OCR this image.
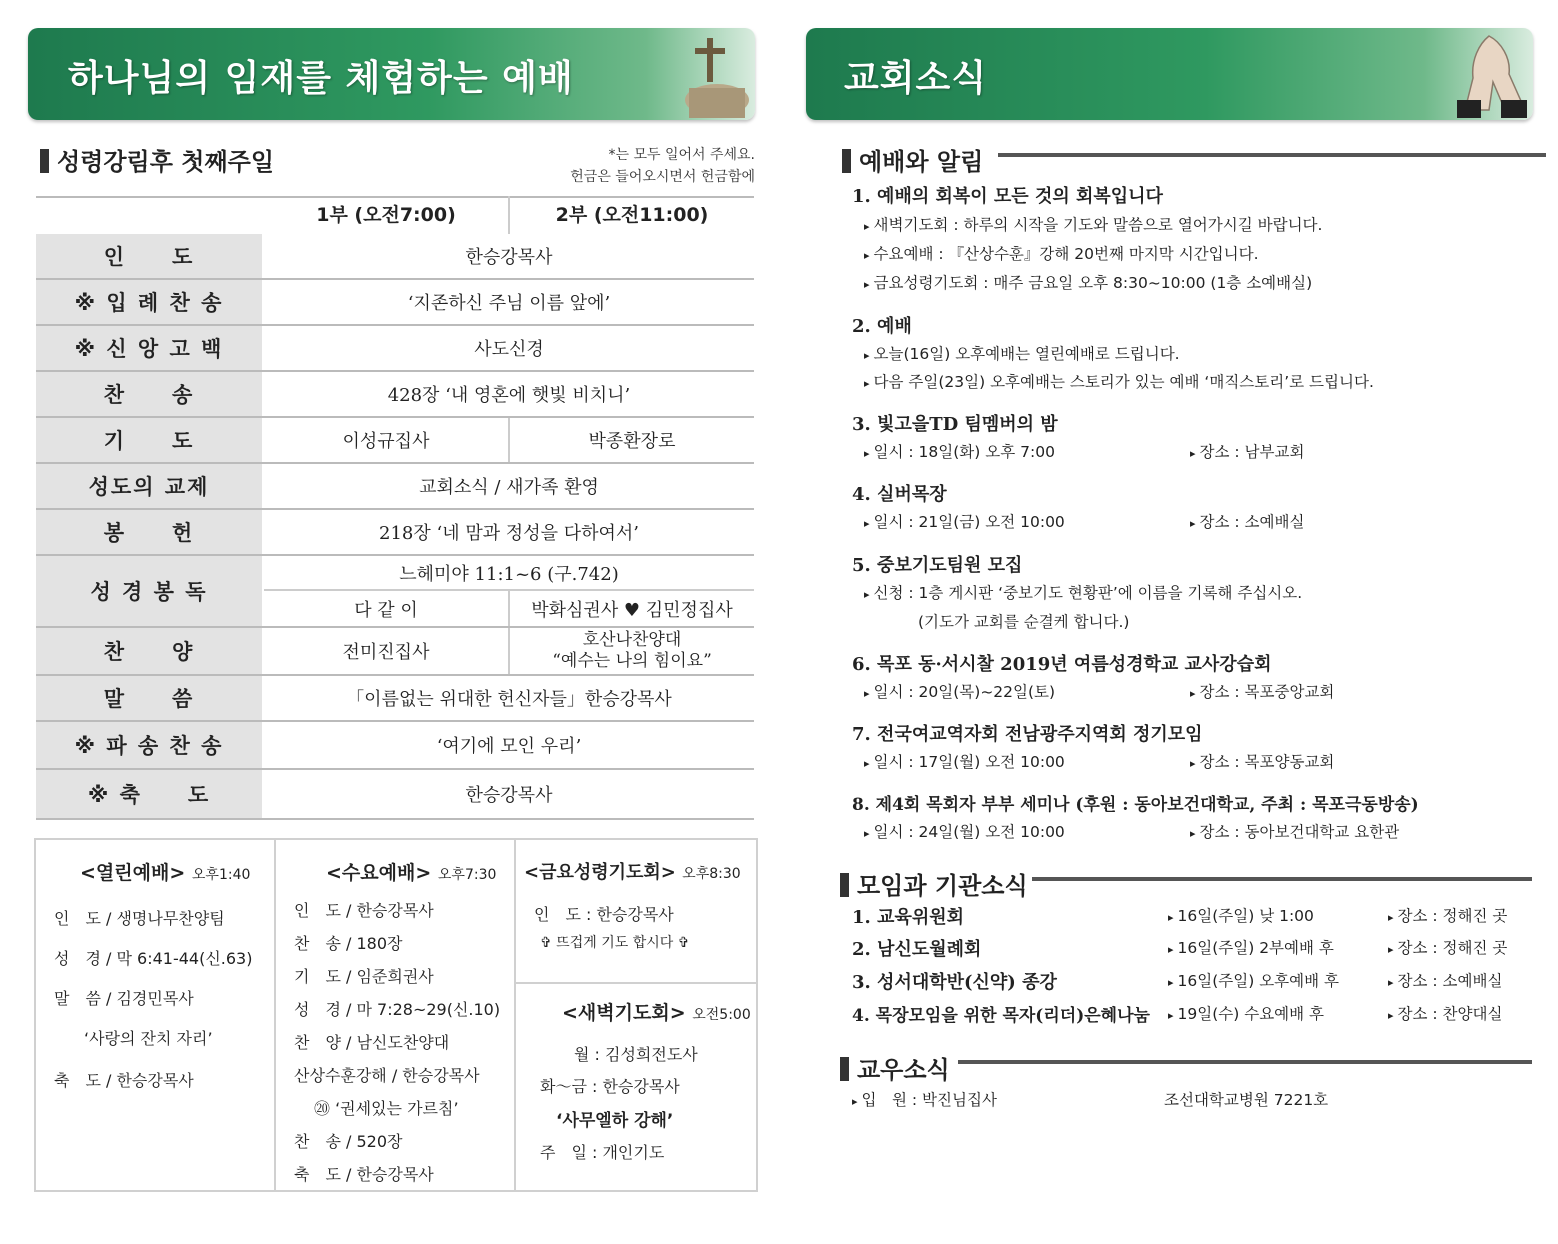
하나님의 임재를 체험하는 예배	교회소식
성령강림후 첫째주일	*는 모두 일어서 주세요.
헌금은 들어오시면서 헌금함에
1부 (오전7:00)	2부 (오전11:00)
인　　도	한승강목사
※ 입 례 찬 송	‘지존하신 주님 이름 앞에’
※ 신 앙 고 백	사도신경
찬　　송	428장 ‘내 영혼에 햇빛 비치니’
기　　도	이성규집사	박종환장로
성도의 교제	교회소식 / 새가족 환영
봉　　헌	218장 ‘네 맘과 정성을 다하여서’
성 경 봉 독
느헤미야 11:1~6 (구.742)
다 같 이	박화심권사 ♥ 김민정집사
찬　　양	전미진집사
호산나찬양대
“예수는 나의 힘이요”
말　　씀	「이름없는 위대한 헌신자들」한승강목사
※ 파 송 찬 송	‘여기에 모인 우리’
※ 축　　도	한승강목사
<열린예배> 오후1:40
인　도 / 생명나무찬양팀
성　경 / 막 6:41-44(신.63)
말　씀 / 김경민목사
‘사랑의 잔치 자리’
축　도 / 한승강목사
<수요예배> 오후7:30
인　도 / 한승강목사
찬　송 / 180장
기　도 / 임준희권사
성　경 / 마 7:28~29(신.10)
찬　양 / 남신도찬양대
산상수훈강해 / 한승강목사
⑳ ‘권세있는 가르침’
찬　송 / 520장
축　도 / 한승강목사
<금요성령기도회> 오후8:30
인　도 : 한승강목사
✞ 뜨겁게 기도 합시다 ✞
<새벽기도회> 오전5:00
월 : 김성희전도사
화～금 : 한승강목사
‘사무엘하 강해’
주　일 : 개인기도
예배와 알림
1. 예배의 회복이 모든 것의 회복입니다
▸ 새벽기도회 : 하루의 시작을 기도와 말씀으로 열어가시길 바랍니다.
▸ 수요예배 : 『산상수훈』강해 20번째 마지막 시간입니다.
▸ 금요성령기도회 : 매주 금요일 오후 8:30~10:00 (1층 소예배실)
2. 예배
▸ 오늘(16일) 오후예배는 열린예배로 드립니다.
▸ 다음 주일(23일) 오후예배는 스토리가 있는 예배 ‘매직스토리’로 드립니다.
3. 빛고을TD 팀멤버의 밤
▸ 일시 : 18일(화) 오후 7:00	▸ 장소 : 남부교회
4. 실버목장
▸ 일시 : 21일(금) 오전 10:00	▸ 장소 : 소예배실
5. 중보기도팀원 모집
▸ 신청 : 1층 게시판 ‘중보기도 현황판’에 이름을 기록해 주십시오.
(기도가 교회를 순결케 합니다.)
6. 목포 동·서시찰 2019년 여름성경학교 교사강습회
▸ 일시 : 20일(목)~22일(토)	▸ 장소 : 목포중앙교회
7. 전국여교역자회 전남광주지역회 정기모임
▸ 일시 : 17일(월) 오전 10:00	▸ 장소 : 목포양동교회
8. 제4회 목회자 부부 세미나 (후원 : 동아보건대학교, 주최 : 목포극동방송)
▸ 일시 : 24일(월) 오전 10:00	▸ 장소 : 동아보건대학교 요한관
모임과 기관소식
1. 교육위원회	▸ 16일(주일) 낮 1:00	▸ 장소 : 정해진 곳
2. 남신도월례회	▸ 16일(주일) 2부예배 후	▸ 장소 : 정해진 곳
3. 성서대학반(신약) 종강	▸ 16일(주일) 오후예배 후	▸ 장소 : 소예배실
4. 목장모임을 위한 목자(리더)은혜나눔	▸ 19일(수) 수요예배 후	▸ 장소 : 찬양대실
교우소식
▸ 입　원 : 박진님집사	조선대학교병원 7221호
